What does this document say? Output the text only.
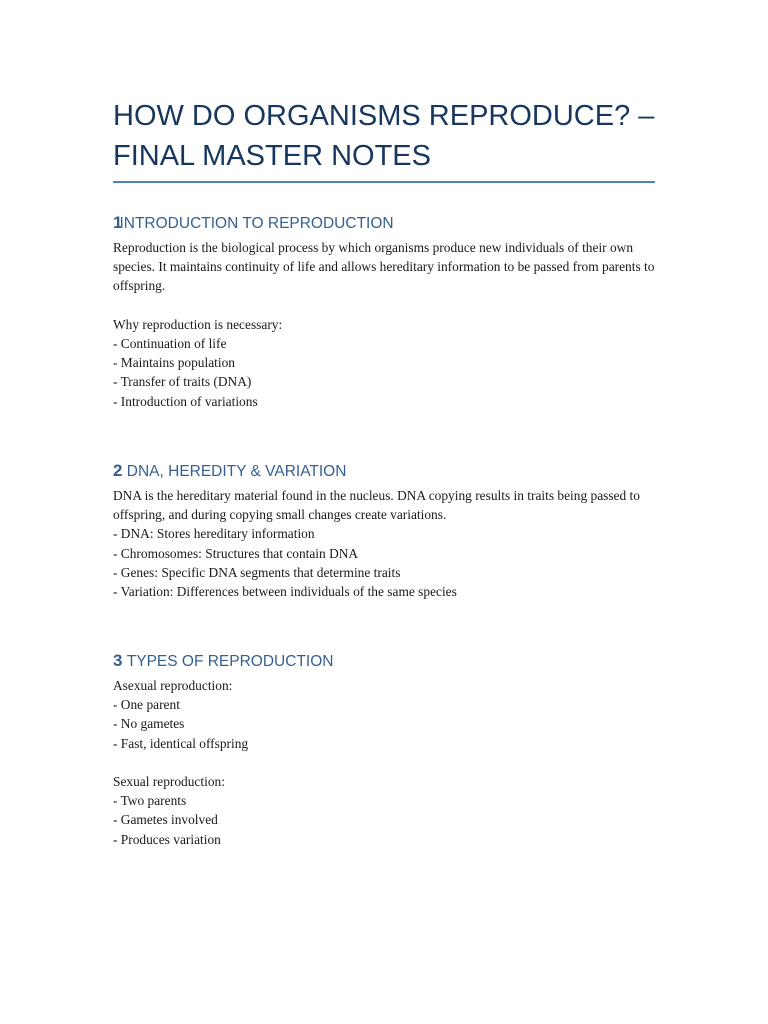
HOW DO ORGANISMS REPRODUCE? – FINAL MASTER NOTES
1INTRODUCTION TO REPRODUCTION

Reproduction is the biological process by which organisms produce new individuals of their own species. It maintains continuity of life and allows hereditary information to be passed from parents to offspring.

Why reproduction is necessary:

- Continuation of life

- Maintains population

- Transfer of traits (DNA)

- Introduction of variations

2 DNA, HEREDITY & VARIATION

DNA is the hereditary material found in the nucleus. DNA copying results in traits being passed to offspring, and during copying small changes create variations.

- DNA: Stores hereditary information

- Chromosomes: Structures that contain DNA

- Genes: Specific DNA segments that determine traits

- Variation: Differences between individuals of the same species

3 TYPES OF REPRODUCTION

Asexual reproduction:

- One parent

- No gametes

- Fast, identical offspring

Sexual reproduction:

- Two parents

- Gametes involved

- Produces variation
